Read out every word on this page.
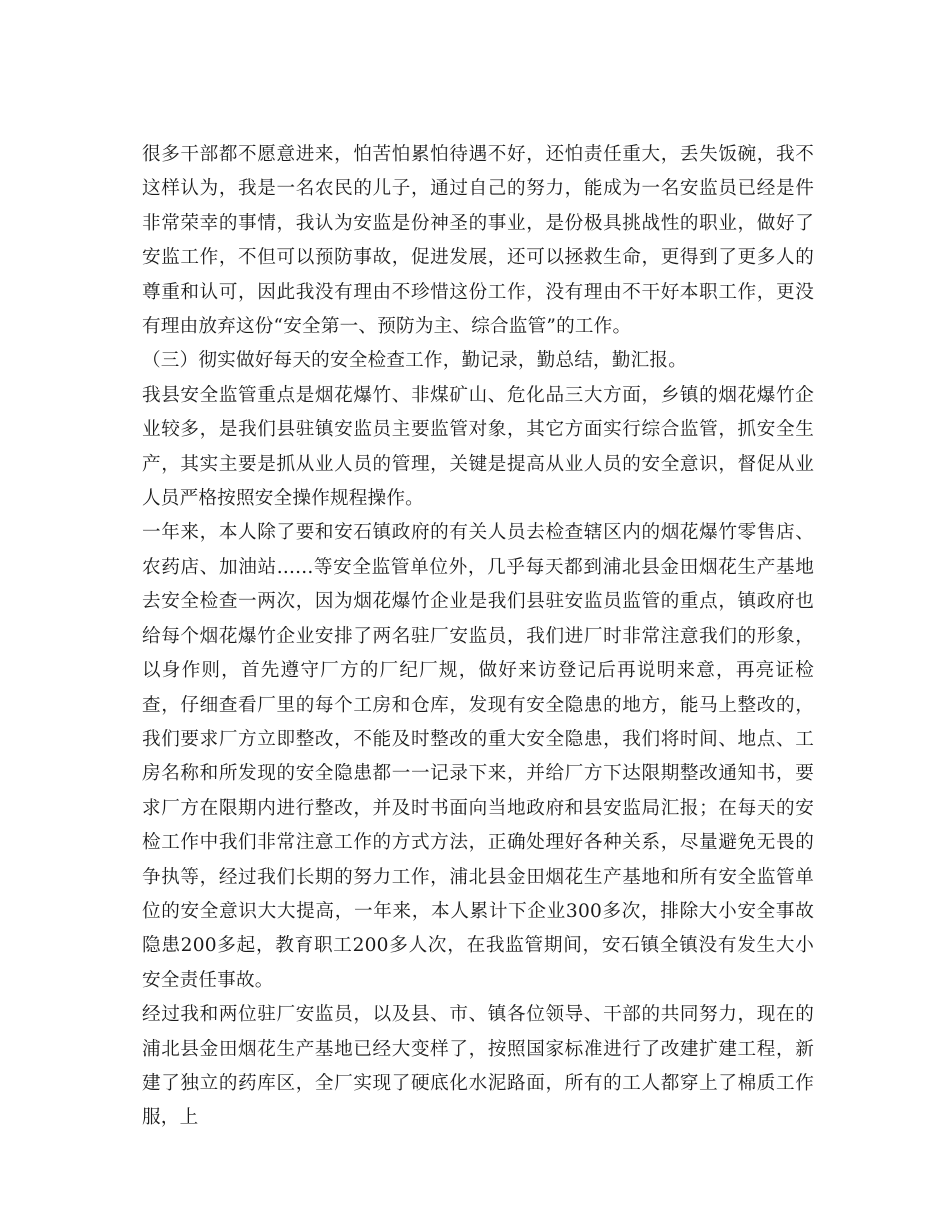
很多干部都不愿意进来，怕苦怕累怕待遇不好，还怕责任重大，丢失饭碗，我不这样认为，我是一名农民的儿子，通过自己的努力，能成为一名安监员已经是件非常荣幸的事情，我认为安监是份神圣的事业，是份极具挑战性的职业，做好了安监工作，不但可以预防事故，促进发展，还可以拯救生命，更得到了更多人的尊重和认可，因此我没有理由不珍惜这份工作，没有理由不干好本职工作，更没有理由放弃这份“安全第一、预防为主、综合监管”的工作。

（三）彻实做好每天的安全检查工作，勤记录，勤总结，勤汇报。

我县安全监管重点是烟花爆竹、非煤矿山、危化品三大方面，乡镇的烟花爆竹企业较多，是我们县驻镇安监员主要监管对象，其它方面实行综合监管，抓安全生产，其实主要是抓从业人员的管理，关键是提高从业人员的安全意识，督促从业人员严格按照安全操作规程操作。

一年来，本人除了要和安石镇政府的有关人员去检查辖区内的烟花爆竹零售店、农药店、加油站......等安全监管单位外，几乎每天都到浦北县金田烟花生产基地去安全检查一两次，因为烟花爆竹企业是我们县驻安监员监管的重点，镇政府也给每个烟花爆竹企业安排了两名驻厂安监员，我们进厂时非常注意我们的形象，以身作则，首先遵守厂方的厂纪厂规，做好来访登记后再说明来意，再亮证检查，仔细查看厂里的每个工房和仓库，发现有安全隐患的地方，能马上整改的，我们要求厂方立即整改，不能及时整改的重大安全隐患，我们将时间、地点、工房名称和所发现的安全隐患都一一记录下来，并给厂方下达限期整改通知书，要求厂方在限期内进行整改，并及时书面向当地政府和县安监局汇报；在每天的安检工作中我们非常注意工作的方式方法，正确处理好各种关系，尽量避免无畏的争执等，经过我们长期的努力工作，浦北县金田烟花生产基地和所有安全监管单位的安全意识大大提高，一年来，本人累计下企业300多次，排除大小安全事故隐患200多起，教育职工200多人次，在我监管期间，安石镇全镇没有发生大小安全责任事故。

经过我和两位驻厂安监员，以及县、市、镇各位领导、干部的共同努力，现在的浦北县金田烟花生产基地已经大变样了，按照国家标准进行了改建扩建工程，新建了独立的药库区，全厂实现了硬底化水泥路面，所有的工人都穿上了棉质工作服，上
